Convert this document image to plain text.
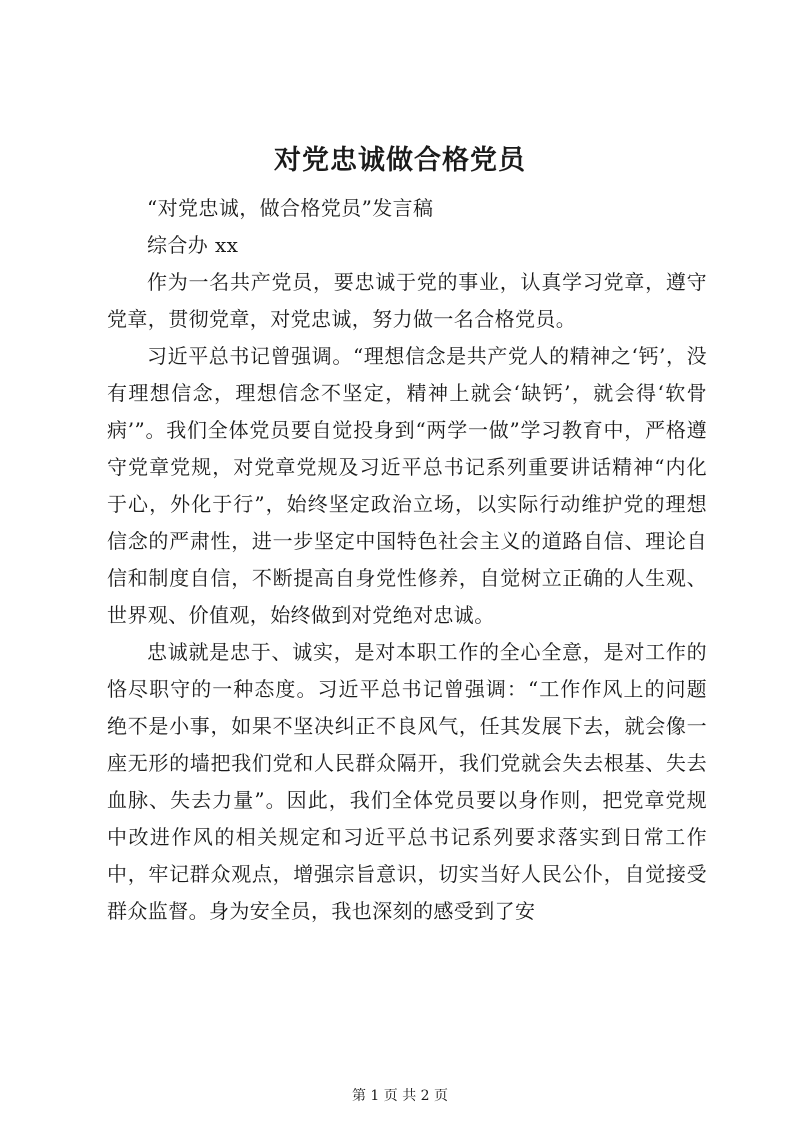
对党忠诚做合格党员

“对党忠诚，做合格党员”发言稿

综合办 xx

作为一名共产党员，要忠诚于党的事业，认真学习党章，遵守党章，贯彻党章，对党忠诚，努力做一名合格党员。

习近平总书记曾强调。“理想信念是共产党人的精神之‘钙’，没有理想信念，理想信念不坚定，精神上就会‘缺钙’，就会得‘软骨病’”。我们全体党员要自觉投身到“两学一做”学习教育中，严格遵守党章党规，对党章党规及习近平总书记系列重要讲话精神“内化于心，外化于行”，始终坚定政治立场，以实际行动维护党的理想信念的严肃性，进一步坚定中国特色社会主义的道路自信、理论自信和制度自信，不断提高自身党性修养，自觉树立正确的人生观、世界观、价值观，始终做到对党绝对忠诚。

忠诚就是忠于、诚实，是对本职工作的全心全意，是对工作的恪尽职守的一种态度。习近平总书记曾强调：“工作作风上的问题绝不是小事，如果不坚决纠正不良风气，任其发展下去，就会像一座无形的墙把我们党和人民群众隔开，我们党就会失去根基、失去血脉、失去力量”。因此，我们全体党员要以身作则，把党章党规中改进作风的相关规定和习近平总书记系列要求落实到日常工作中，牢记群众观点，增强宗旨意识，切实当好人民公仆，自觉接受群众监督。身为安全员，我也深刻的感受到了安

第 1 页 共 2 页
